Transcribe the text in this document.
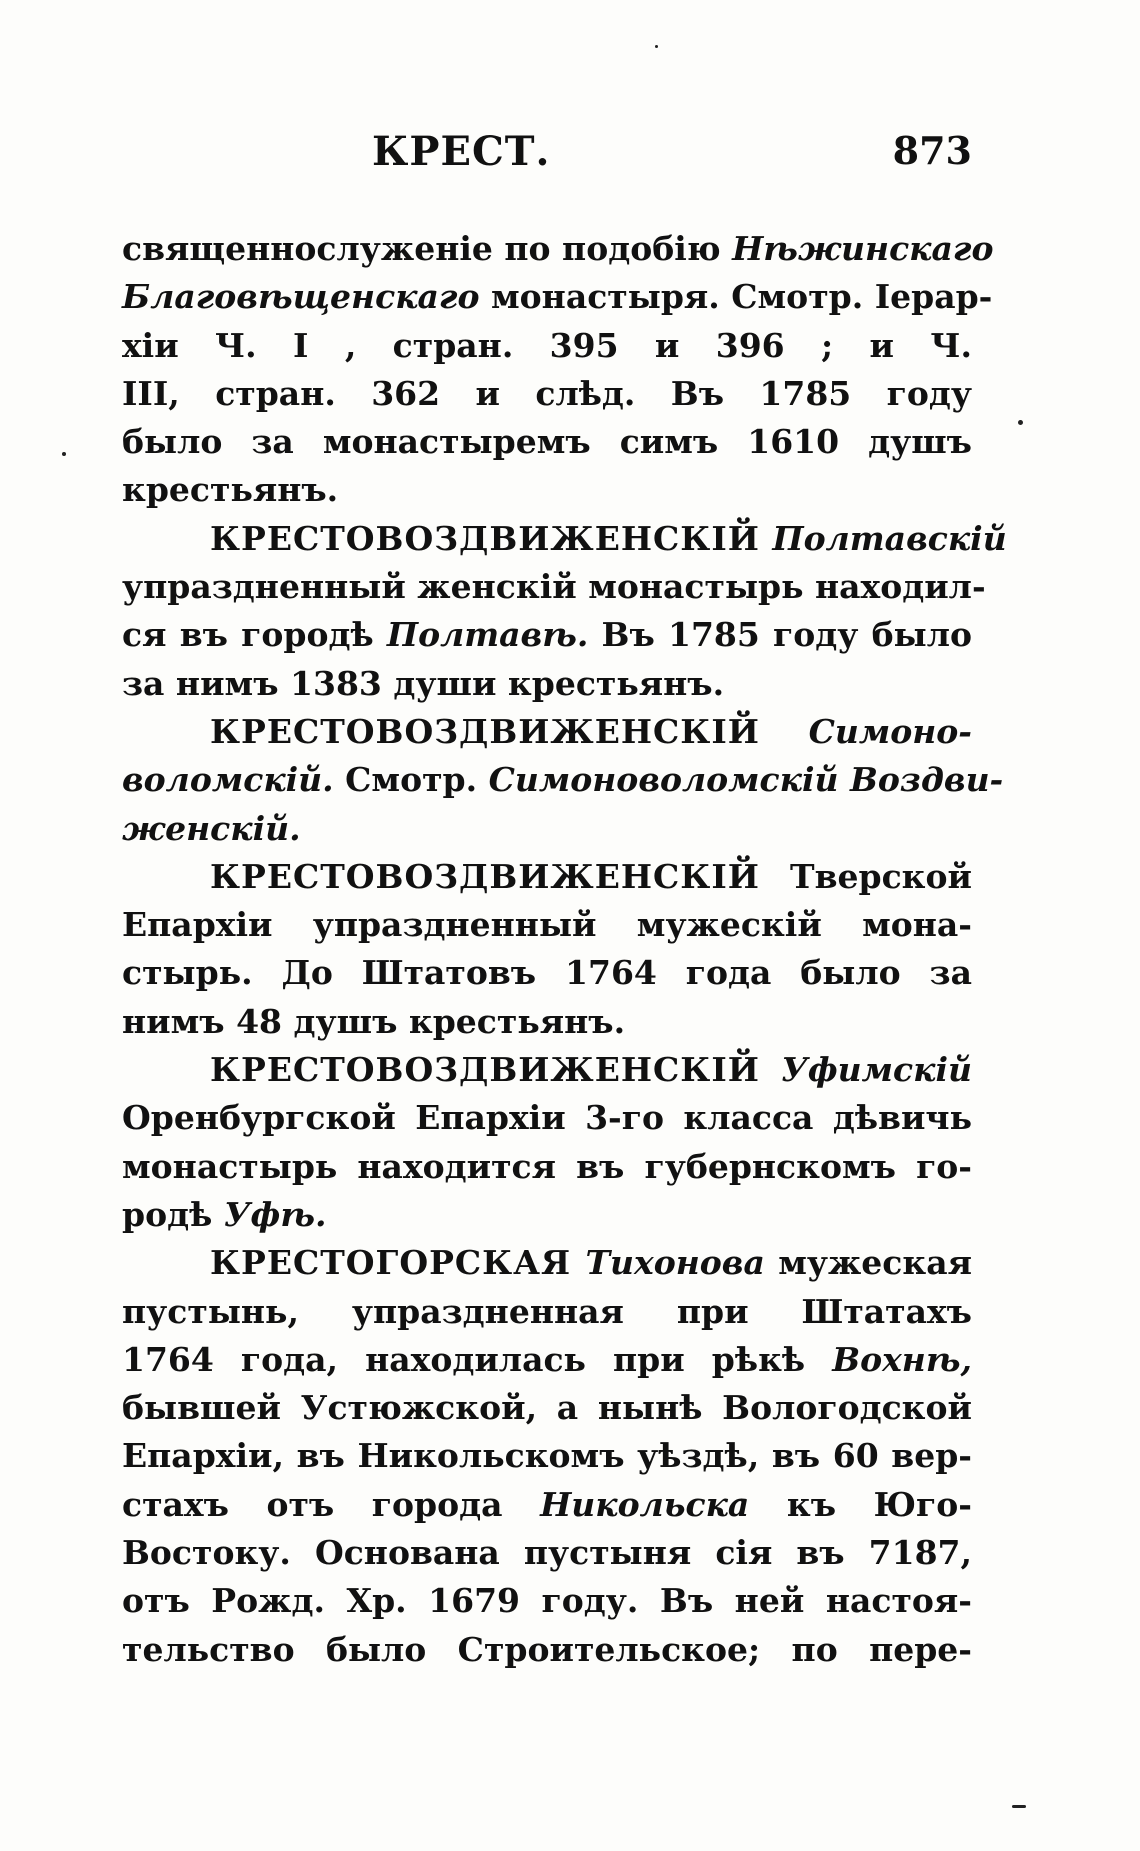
КРЕСТ.	873
священнослуженіе по подобію Нѣжинскаго
Благовѣщенскаго монастыря. Смотр. Іерар-
хіи Ч. I , стран. 395 и 396 ; и Ч.
III, стран. 362 и слѣд. Въ 1785 году
было за монастыремъ симъ 1610 душъ
крестьянъ.
КРЕСТОВОЗДВИЖЕНСКІЙ Полтавскій
упраздненный женскій монастырь находил-
ся въ городѣ Полтавѣ. Въ 1785 году было
за нимъ 1383 души крестьянъ.
КРЕСТОВОЗДВИЖЕНСКІЙ Симоно-
воломскій. Смотр. Симоноволомскій Воздви-
женскій.
КРЕСТОВОЗДВИЖЕНСКІЙ Тверской
Епархіи упраздненный мужескій мона-
стырь. До Штатовъ 1764 года было за
нимъ 48 душъ крестьянъ.
КРЕСТОВОЗДВИЖЕНСКІЙ Уфимскій
Оренбургской Епархіи 3-го класса дѣвичь
монастырь находится въ губернскомъ го-
родѣ Уфѣ.
КРЕСТОГОРСКАЯ Тихонова мужеская
пустынь, упраздненная при Штатахъ
1764 года, находилась при рѣкѣ Вохнѣ,
бывшей Устюжской, а нынѣ Вологодской
Епархіи, въ Никольскомъ уѣздѣ, въ 60 вер-
стахъ отъ города Никольска къ Юго-
Востоку. Основана пустыня сія въ 7187,
отъ Рожд. Хр. 1679 году. Въ ней настоя-
тельство было Строительское; по пере-
